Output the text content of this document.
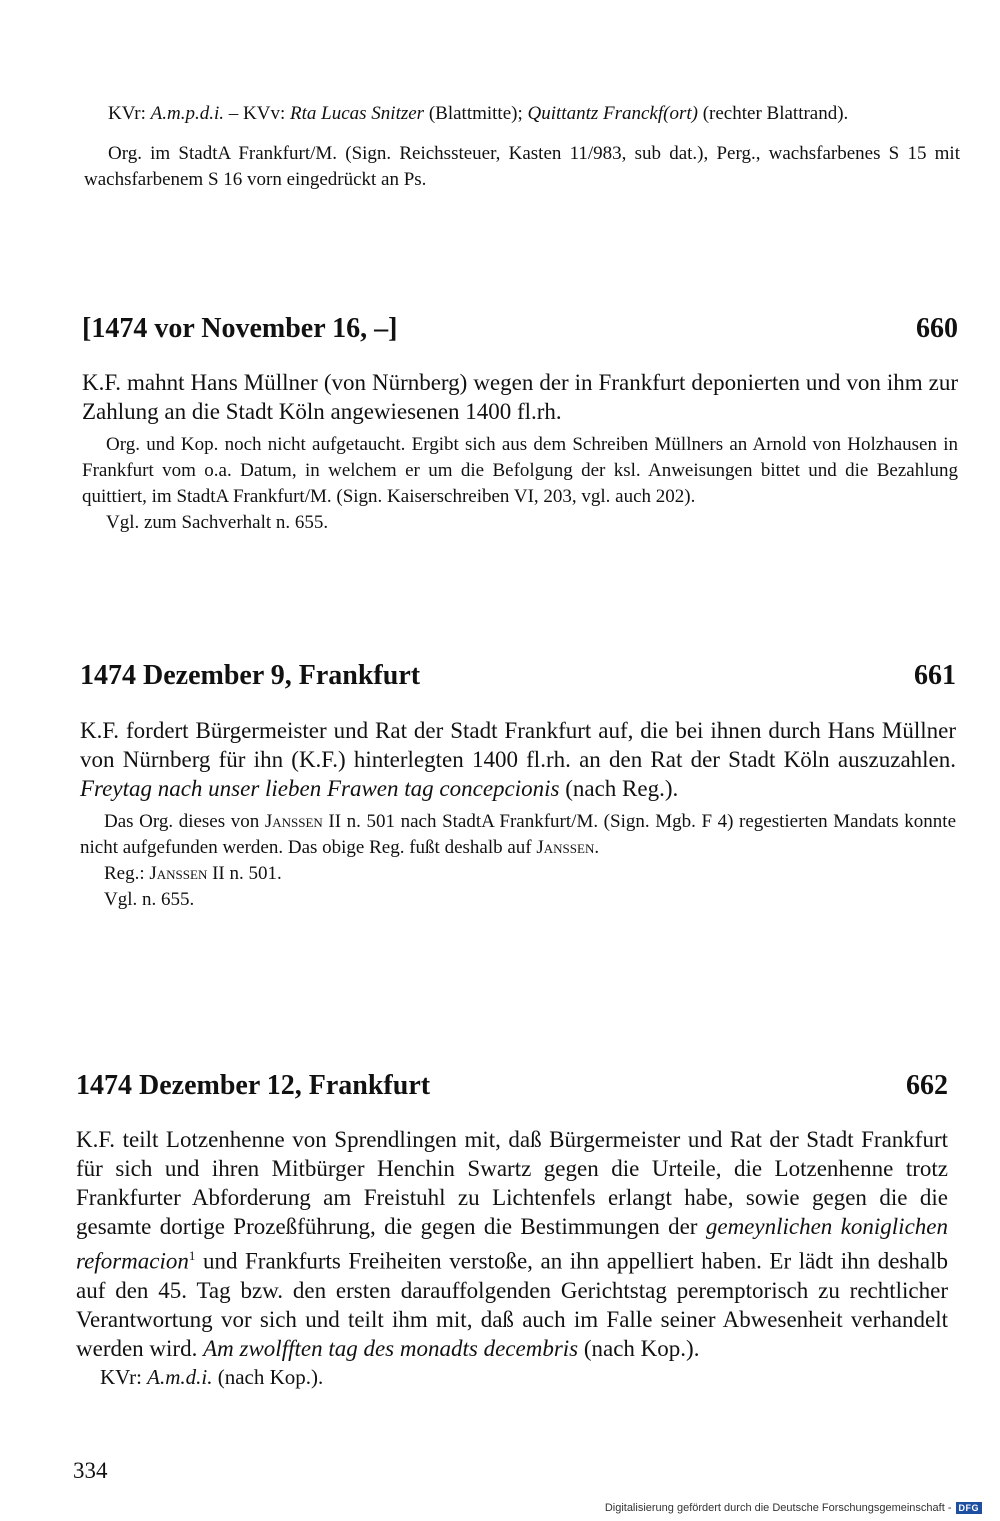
KVr: A.m.p.d.i. – KVv: Rta Lucas Snitzer (Blattmitte); Quittantz Franckf(ort) (rechter Blattrand).

Org. im StadtA Frankfurt/M. (Sign. Reichssteuer, Kasten 11/983, sub dat.), Perg., wachsfarbenes S 15 mit wachsfarbenem S 16 vorn eingedrückt an Ps.

[1474 vor November 16, –]	660

K.F. mahnt Hans Müllner (von Nürnberg) wegen der in Frankfurt deponierten und von ihm zur Zahlung an die Stadt Köln angewiesenen 1400 fl.rh.

Org. und Kop. noch nicht aufgetaucht. Ergibt sich aus dem Schreiben Müllners an Arnold von Holzhausen in Frankfurt vom o.a. Datum, in welchem er um die Befolgung der ksl. Anweisungen bittet und die Bezahlung quittiert, im StadtA Frankfurt/M. (Sign. Kaiserschreiben VI, 203, vgl. auch 202).

Vgl. zum Sachverhalt n. 655.

1474 Dezember 9, Frankfurt	661

K.F. fordert Bürgermeister und Rat der Stadt Frankfurt auf, die bei ihnen durch Hans Müllner von Nürnberg für ihn (K.F.) hinterlegten 1400 fl.rh. an den Rat der Stadt Köln auszuzahlen. Freytag nach unser lieben Frawen tag concepcionis (nach Reg.).

Das Org. dieses von Janssen II n. 501 nach StadtA Frankfurt/M. (Sign. Mgb. F 4) regestierten Mandats konnte nicht aufgefunden werden. Das obige Reg. fußt deshalb auf Janssen.

Reg.: Janssen II n. 501.

Vgl. n. 655.

1474 Dezember 12, Frankfurt	662

K.F. teilt Lotzenhenne von Sprendlingen mit, daß Bürgermeister und Rat der Stadt Frankfurt für sich und ihren Mitbürger Henchin Swartz gegen die Urteile, die Lotzenhenne trotz Frankfurter Abforderung am Freistuhl zu Lichtenfels erlangt habe, sowie gegen die die gesamte dortige Prozeßführung, die gegen die Bestimmungen der gemeynlichen koniglichen reformacion$^1$ und Frankfurts Freiheiten verstoße, an ihn appelliert haben. Er lädt ihn deshalb auf den 45. Tag bzw. den ersten darauffolgenden Gerichtstag peremptorisch zu rechtlicher Verantwortung vor sich und teilt ihm mit, daß auch im Falle seiner Abwesenheit verhandelt werden wird. Am zwolfften tag des monadts decembris (nach Kop.).

KVr: A.m.d.i. (nach Kop.).

334
Digitalisierung gefördert durch die Deutsche Forschungsgemeinschaft - DFG
